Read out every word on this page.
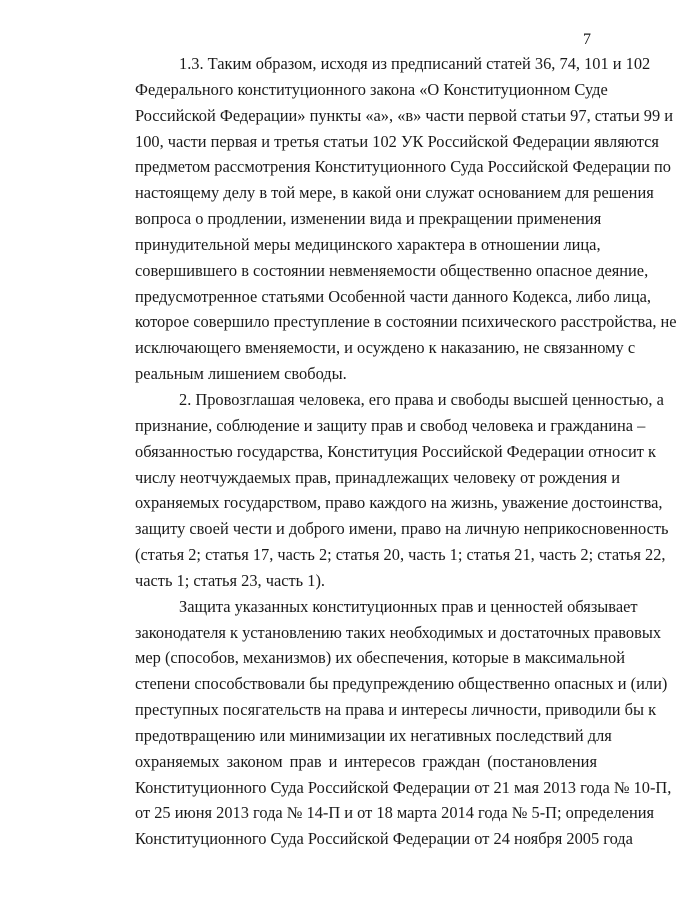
7
1.3. Таким образом, исходя из предписаний статей 36, 74, 101 и 102
Федерального конституционного закона «О Конституционном Суде
Российской Федерации» пункты «а», «в» части первой статьи 97, статьи 99 и
100, части первая и третья статьи 102 УК Российской Федерации являются
предметом рассмотрения Конституционного Суда Российской Федерации по
настоящему делу в той мере, в какой они служат основанием для решения
вопроса о продлении, изменении вида и прекращении применения
принудительной меры медицинского характера в отношении лица,
совершившего в состоянии невменяемости общественно опасное деяние,
предусмотренное статьями Особенной части данного Кодекса, либо лица,
которое совершило преступление в состоянии психического расстройства, не
исключающего вменяемости, и осуждено к наказанию, не связанному с
реальным лишением свободы.
2. Провозглашая человека, его права и свободы высшей ценностью, а
признание, соблюдение и защиту прав и свобод человека и гражданина –
обязанностью государства, Конституция Российской Федерации относит к
числу неотчуждаемых прав, принадлежащих человеку от рождения и
охраняемых государством, право каждого на жизнь, уважение достоинства,
защиту своей чести и доброго имени, право на личную неприкосновенность
(статья 2; статья 17, часть 2; статья 20, часть 1; статья 21, часть 2; статья 22,
часть 1; статья 23, часть 1).
Защита указанных конституционных прав и ценностей обязывает
законодателя к установлению таких необходимых и достаточных правовых
мер (способов, механизмов) их обеспечения, которые в максимальной
степени способствовали бы предупреждению общественно опасных и (или)
преступных посягательств на права и интересы личности, приводили бы к
предотвращению или минимизации их негативных последствий для
охраняемых законом прав и интересов граждан (постановления
Конституционного Суда Российской Федерации от 21 мая 2013 года № 10-П,
от 25 июня 2013 года № 14-П и от 18 марта 2014 года № 5-П; определения
Конституционного Суда Российской Федерации от 24 ноября 2005 года
